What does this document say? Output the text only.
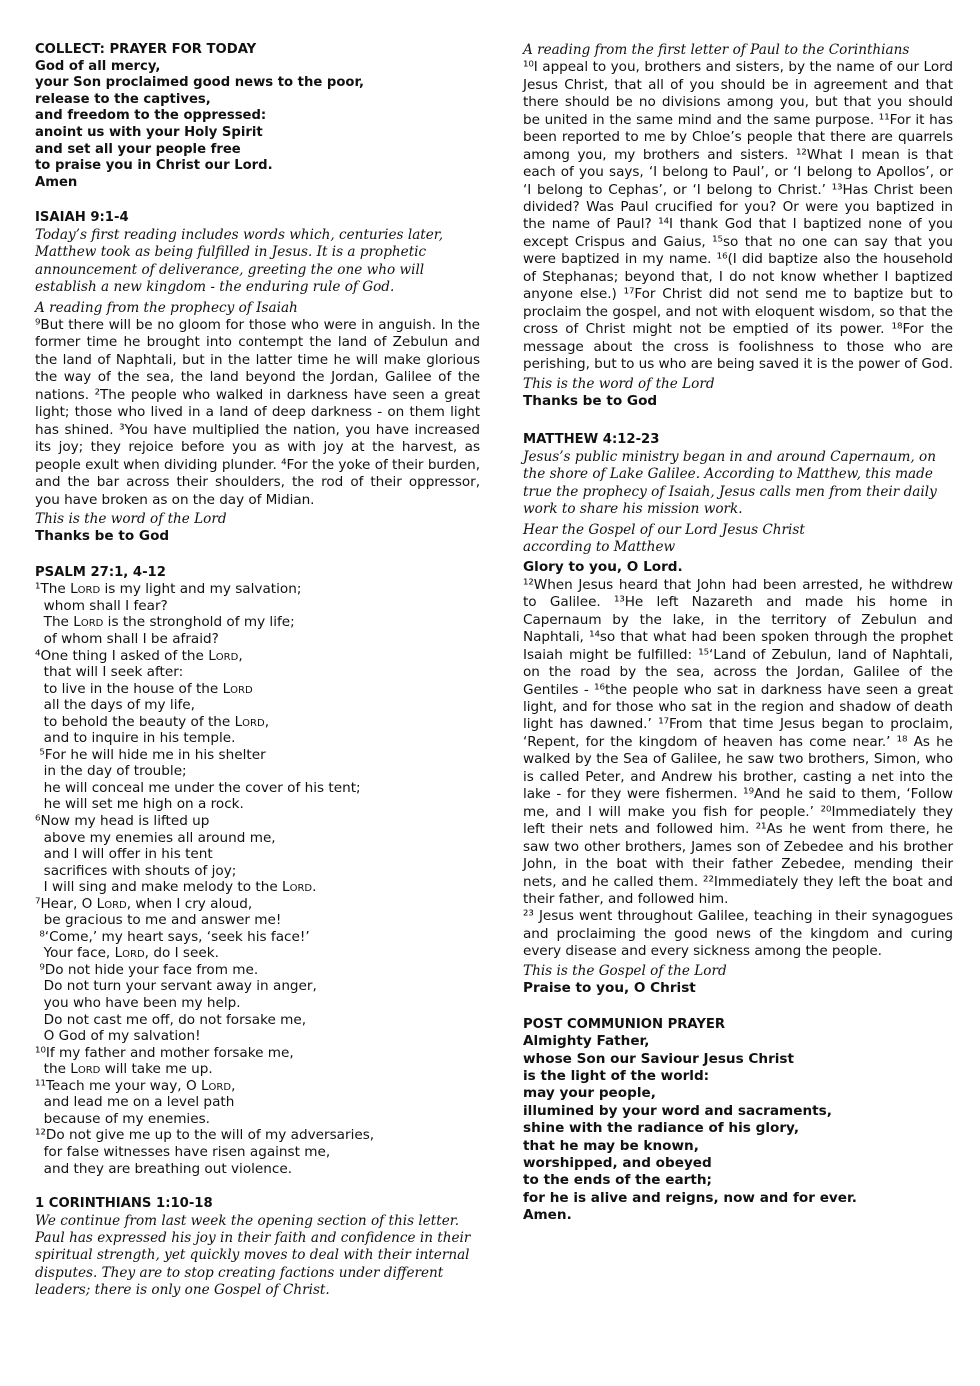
COLLECT: PRAYER FOR TODAY
God of all mercy,
your Son proclaimed good news to the poor,
release to the captives,
and freedom to the oppressed:
anoint us with your Holy Spirit
and set all your people free
to praise you in Christ our Lord.
Amen
ISAIAH 9:1-4
Today’s first reading includes words which, centuries later, Matthew took as being fulfilled in Jesus. It is a prophetic announcement of deliverance, greeting the one who will establish a new kingdom - the enduring rule of God.
A reading from the prophecy of Isaiah
⁹But there will be no gloom for those who were in anguish. In the former time he brought into contempt the land of Zebulun and the land of Naphtali, but in the latter time he will make glorious the way of the sea, the land beyond the Jordan, Galilee of the nations. ²The people who walked in darkness have seen a great light; those who lived in a land of deep darkness - on them light has shined. ³You have multiplied the nation, you have increased its joy; they rejoice before you as with joy at the harvest, as people exult when dividing plunder. ⁴For the yoke of their burden, and the bar across their shoulders, the rod of their oppressor, you have broken as on the day of Midian.
This is the word of the Lord
Thanks be to God
PSALM 27:1, 4-12
¹The Lord is my light and my salvation;
whom shall I fear?
The Lord is the stronghold of my life;
of whom shall I be afraid?
⁴One thing I asked of the Lord,
that will I seek after:
to live in the house of the Lord
all the days of my life,
to behold the beauty of the Lord,
and to inquire in his temple.
⁵For he will hide me in his shelter
in the day of trouble;
he will conceal me under the cover of his tent;
he will set me high on a rock.
⁶Now my head is lifted up
above my enemies all around me,
and I will offer in his tent
sacrifices with shouts of joy;
I will sing and make melody to the Lord.
⁷Hear, O Lord, when I cry aloud,
be gracious to me and answer me!
⁸‘Come,’ my heart says, ‘seek his face!’
Your face, Lord, do I seek.
⁹Do not hide your face from me.
Do not turn your servant away in anger,
you who have been my help.
Do not cast me off, do not forsake me,
O God of my salvation!
¹⁰If my father and mother forsake me,
the Lord will take me up.
¹¹Teach me your way, O Lord,
and lead me on a level path
because of my enemies.
¹²Do not give me up to the will of my adversaries,
for false witnesses have risen against me,
and they are breathing out violence.
1 CORINTHIANS 1:10-18
We continue from last week the opening section of this letter. Paul has expressed his joy in their faith and confidence in their spiritual strength, yet quickly moves to deal with their internal disputes. They are to stop creating factions under different leaders; there is only one Gospel of Christ.
A reading from the first letter of Paul to the Corinthians
¹⁰I appeal to you, brothers and sisters, by the name of our Lord Jesus Christ, that all of you should be in agreement and that there should be no divisions among you, but that you should be united in the same mind and the same purpose. ¹¹For it has been reported to me by Chloe’s people that there are quarrels among you, my brothers and sisters. ¹²What I mean is that each of you says, ‘I belong to Paul’, or ‘I belong to Apollos’, or ‘I belong to Cephas’, or ‘I belong to Christ.’ ¹³Has Christ been divided? Was Paul crucified for you? Or were you baptized in the name of Paul? ¹⁴I thank God that I baptized none of you except Crispus and Gaius, ¹⁵so that no one can say that you were baptized in my name. ¹⁶(I did baptize also the household of Stephanas; beyond that, I do not know whether I baptized anyone else.) ¹⁷For Christ did not send me to baptize but to proclaim the gospel, and not with eloquent wisdom, so that the cross of Christ might not be emptied of its power. ¹⁸For the message about the cross is foolishness to those who are perishing, but to us who are being saved it is the power of God.
This is the word of the Lord
Thanks be to God
MATTHEW 4:12-23
Jesus’s public ministry began in and around Capernaum, on the shore of Lake Galilee. According to Matthew, this made true the prophecy of Isaiah, Jesus calls men from their daily work to share his mission work.
Hear the Gospel of our Lord Jesus Christ
according to Matthew
Glory to you, O Lord.
¹²When Jesus heard that John had been arrested, he withdrew to Galilee. ¹³He left Nazareth and made his home in Capernaum by the lake, in the territory of Zebulun and Naphtali, ¹⁴so that what had been spoken through the prophet Isaiah might be fulfilled: ¹⁵‘Land of Zebulun, land of Naphtali, on the road by the sea, across the Jordan, Galilee of the Gentiles - ¹⁶the people who sat in darkness have seen a great light, and for those who sat in the region and shadow of death light has dawned.’ ¹⁷From that time Jesus began to proclaim, ‘Repent, for the kingdom of heaven has come near.’ ¹⁸ As he walked by the Sea of Galilee, he saw two brothers, Simon, who is called Peter, and Andrew his brother, casting a net into the lake - for they were fishermen. ¹⁹And he said to them, ‘Follow me, and I will make you fish for people.’ ²⁰Immediately they left their nets and followed him. ²¹As he went from there, he saw two other brothers, James son of Zebedee and his brother John, in the boat with their father Zebedee, mending their nets, and he called them. ²²Immediately they left the boat and their father, and followed him.
²³ Jesus went throughout Galilee, teaching in their synagogues and proclaiming the good news of the kingdom and curing every disease and every sickness among the people.
This is the Gospel of the Lord
Praise to you, O Christ
POST COMMUNION PRAYER
Almighty Father,
whose Son our Saviour Jesus Christ
is the light of the world:
may your people,
illumined by your word and sacraments,
shine with the radiance of his glory,
that he may be known,
worshipped, and obeyed
to the ends of the earth;
for he is alive and reigns, now and for ever.
Amen.
